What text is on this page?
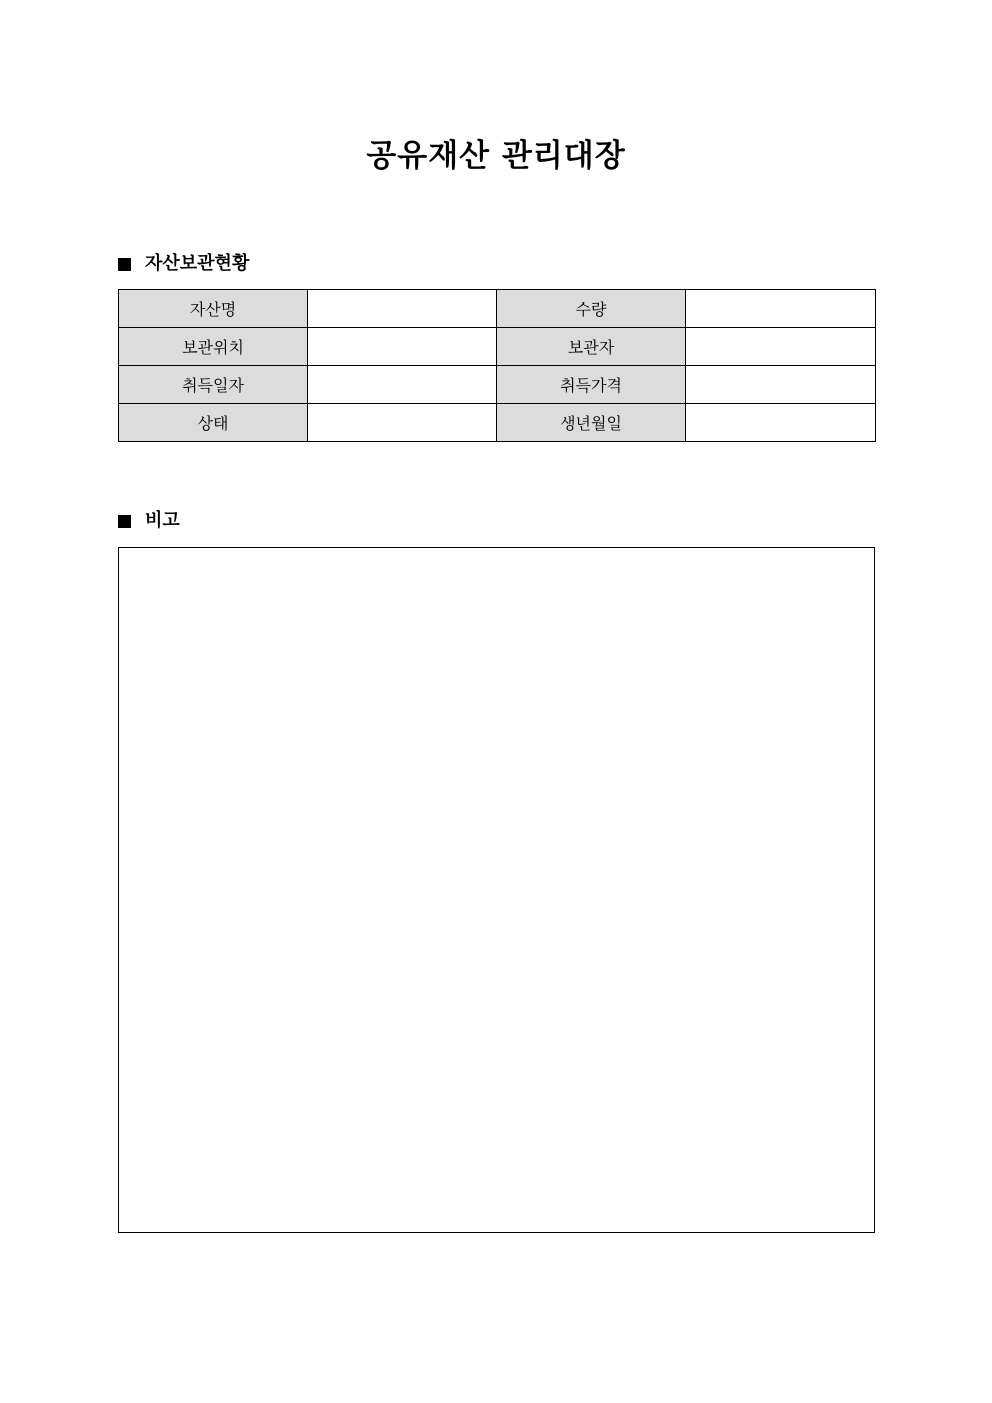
공유재산 관리대장
자산보관현황
자산명		수량	
보관위치		보관자	
취득일자		취득가격	
상태		생년월일	
비고
